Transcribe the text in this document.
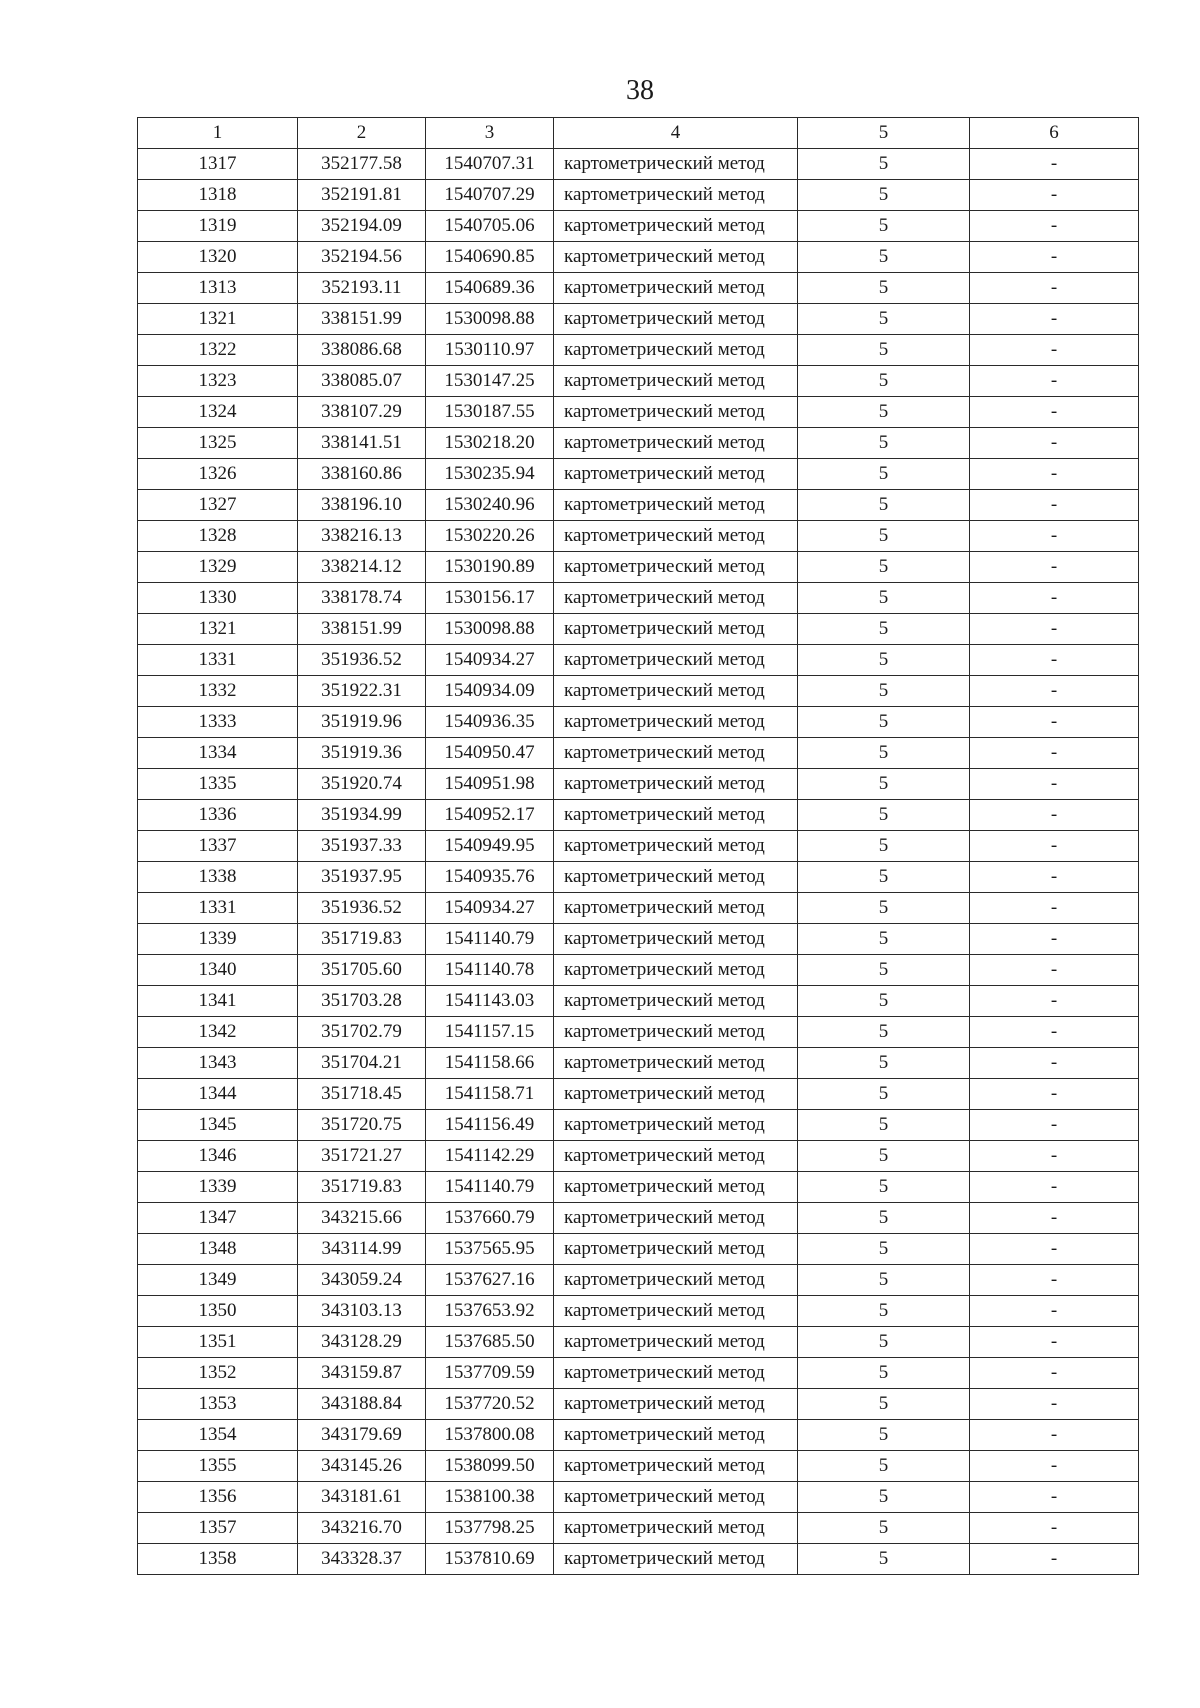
38
1	2	3	4	5	6
1317	352177.58	1540707.31	картометрический метод	5	-
1318	352191.81	1540707.29	картометрический метод	5	-
1319	352194.09	1540705.06	картометрический метод	5	-
1320	352194.56	1540690.85	картометрический метод	5	-
1313	352193.11	1540689.36	картометрический метод	5	-
1321	338151.99	1530098.88	картометрический метод	5	-
1322	338086.68	1530110.97	картометрический метод	5	-
1323	338085.07	1530147.25	картометрический метод	5	-
1324	338107.29	1530187.55	картометрический метод	5	-
1325	338141.51	1530218.20	картометрический метод	5	-
1326	338160.86	1530235.94	картометрический метод	5	-
1327	338196.10	1530240.96	картометрический метод	5	-
1328	338216.13	1530220.26	картометрический метод	5	-
1329	338214.12	1530190.89	картометрический метод	5	-
1330	338178.74	1530156.17	картометрический метод	5	-
1321	338151.99	1530098.88	картометрический метод	5	-
1331	351936.52	1540934.27	картометрический метод	5	-
1332	351922.31	1540934.09	картометрический метод	5	-
1333	351919.96	1540936.35	картометрический метод	5	-
1334	351919.36	1540950.47	картометрический метод	5	-
1335	351920.74	1540951.98	картометрический метод	5	-
1336	351934.99	1540952.17	картометрический метод	5	-
1337	351937.33	1540949.95	картометрический метод	5	-
1338	351937.95	1540935.76	картометрический метод	5	-
1331	351936.52	1540934.27	картометрический метод	5	-
1339	351719.83	1541140.79	картометрический метод	5	-
1340	351705.60	1541140.78	картометрический метод	5	-
1341	351703.28	1541143.03	картометрический метод	5	-
1342	351702.79	1541157.15	картометрический метод	5	-
1343	351704.21	1541158.66	картометрический метод	5	-
1344	351718.45	1541158.71	картометрический метод	5	-
1345	351720.75	1541156.49	картометрический метод	5	-
1346	351721.27	1541142.29	картометрический метод	5	-
1339	351719.83	1541140.79	картометрический метод	5	-
1347	343215.66	1537660.79	картометрический метод	5	-
1348	343114.99	1537565.95	картометрический метод	5	-
1349	343059.24	1537627.16	картометрический метод	5	-
1350	343103.13	1537653.92	картометрический метод	5	-
1351	343128.29	1537685.50	картометрический метод	5	-
1352	343159.87	1537709.59	картометрический метод	5	-
1353	343188.84	1537720.52	картометрический метод	5	-
1354	343179.69	1537800.08	картометрический метод	5	-
1355	343145.26	1538099.50	картометрический метод	5	-
1356	343181.61	1538100.38	картометрический метод	5	-
1357	343216.70	1537798.25	картометрический метод	5	-
1358	343328.37	1537810.69	картометрический метод	5	-
